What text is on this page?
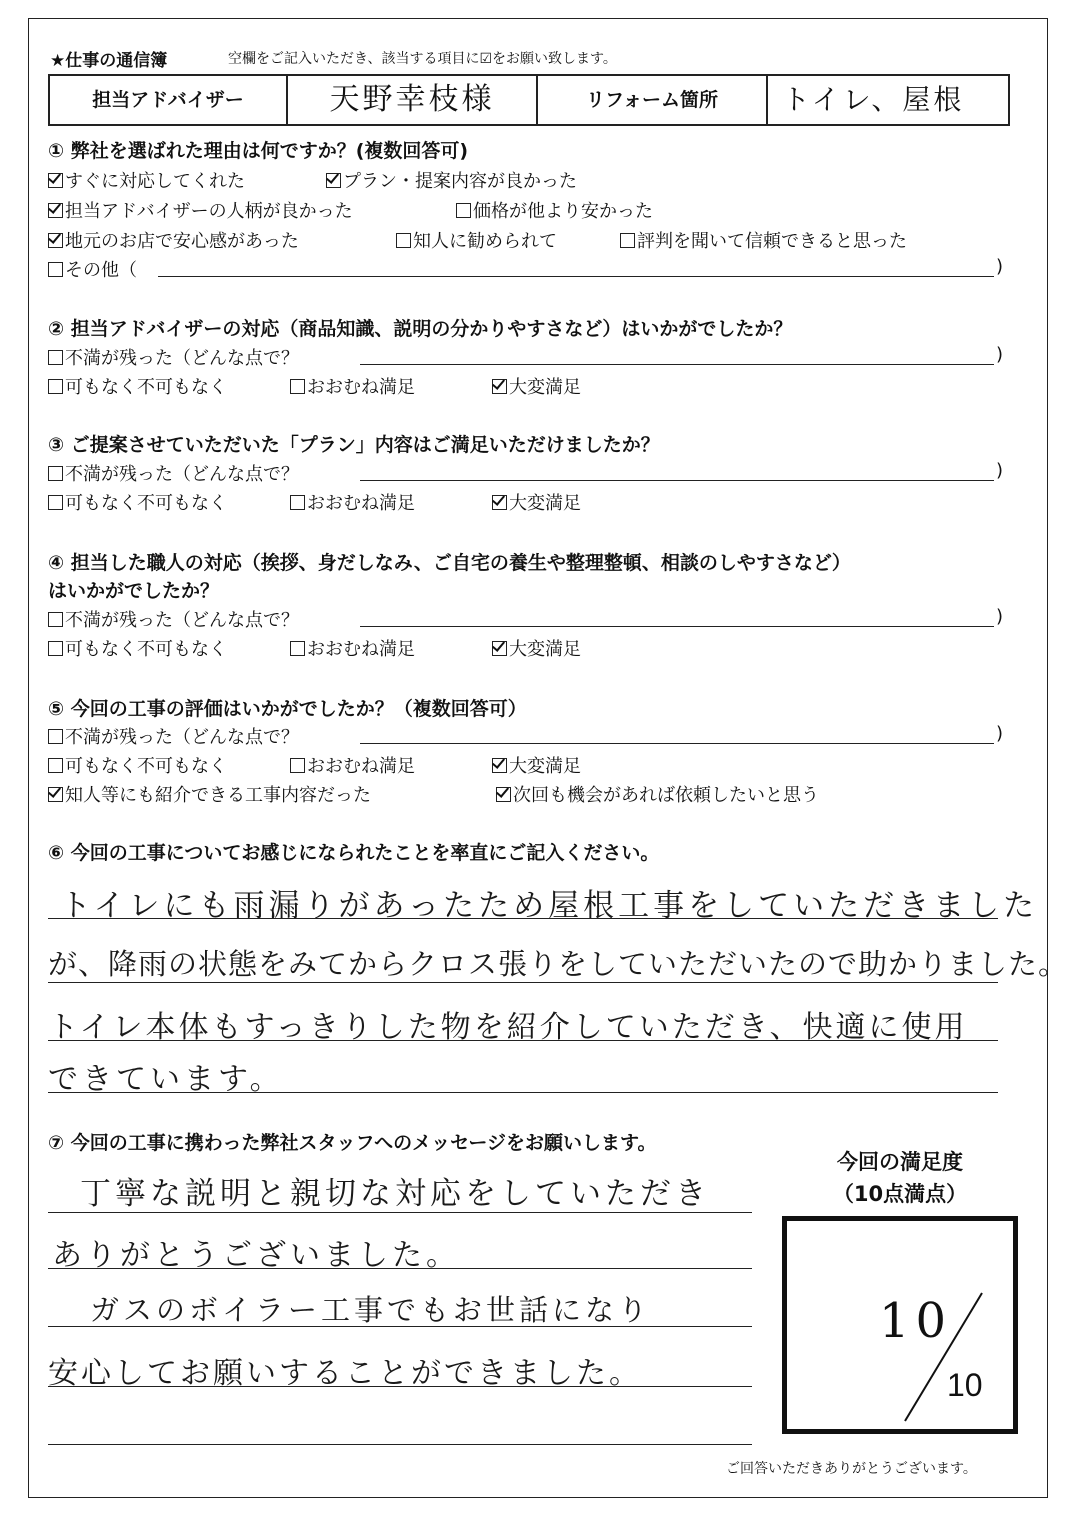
★仕事の通信簿	空欄をご記入いただき、該当する項目に☑をお願い致します。
担当アドバイザー	天野幸枝様	リフォーム箇所	トイレ、屋根
① 弊社を選ばれた理由は何ですか？(複数回答可)
すぐに対応してくれた	プラン・提案内容が良かった
担当アドバイザーの人柄が良かった	価格が他より安かった
地元のお店で安心感があった	知人に勧められて	評判を聞いて信頼できると思った
その他（	)
② 担当アドバイザーの対応（商品知識、説明の分かりやすさなど）はいかがでしたか？
不満が残った（どんな点で？	)
可もなく不可もなく	おおむね満足	大変満足
③ ご提案させていただいた「プラン」内容はご満足いただけましたか？
不満が残った（どんな点で？	)
可もなく不可もなく	おおむね満足	大変満足
④ 担当した職人の対応（挨拶、身だしなみ、ご自宅の養生や整理整頓、相談のしやすさなど）
はいかがでしたか？
不満が残った（どんな点で？	)
可もなく不可もなく	おおむね満足	大変満足
⑤ 今回の工事の評価はいかがでしたか？（複数回答可）
不満が残った（どんな点で？	)
可もなく不可もなく	おおむね満足	大変満足
知人等にも紹介できる工事内容だった	次回も機会があれば依頼したいと思う
⑥ 今回の工事についてお感じになられたことを率直にご記入ください。
トイレにも雨漏りがあったため屋根工事をしていただきました
が、降雨の状態をみてからクロス張りをしていただいたので助かりました。
トイレ本体もすっきりした物を紹介していただき、快適に使用
できています。
⑦ 今回の工事に携わった弊社スタッフへのメッセージをお願いします。
丁寧な説明と親切な対応をしていただき
ありがとうございました。
ガスのボイラー工事でもお世話になり
安心してお願いすることができました。
今回の満足度
（10点満点）
10
10
ご回答いただきありがとうございます。
